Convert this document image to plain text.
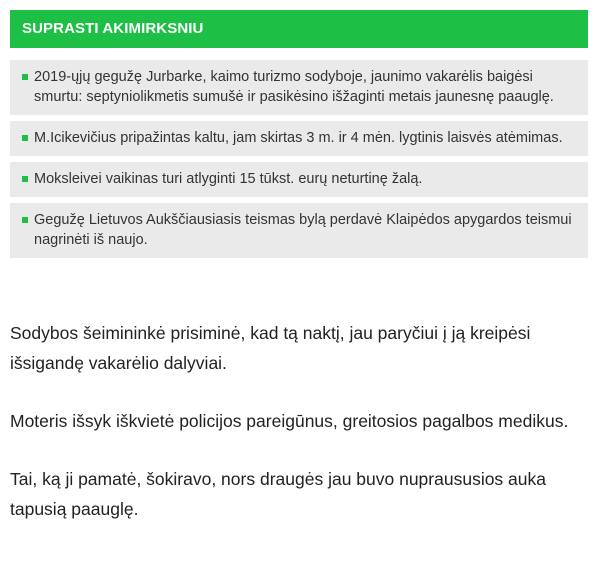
SUPRASTI AKIMIRKSNIU
2019-ųjų gegužę Jurbarke, kaimo turizmo sodyboje, jaunimo vakarėlis baigėsi smurtu: septyniolikmetis sumušė ir pasikėsino išžaginti metais jaunesnę paauglę.
M.Icikevičius pripažintas kaltu, jam skirtas 3 m. ir 4 mėn. lygtinis laisvės atėmimas.
Moksleivei vaikinas turi atlyginti 15 tūkst. eurų neturtinę žalą.
Gegužę Lietuvos Aukščiausiasis teismas bylą perdavė Klaipėdos apygardos teismui nagrinėti iš naujo.

Sodybos šeimininkė prisiminė, kad tą naktį, jau paryčiui į ją kreipėsi išsigandę vakarėlio dalyviai.

Moteris išsyk iškvietė policijos pareigūnus, greitosios pagalbos medikus.

Tai, ką ji pamatė, šokiravo, nors draugės jau buvo nupraususios auka tapusią paauglę.
